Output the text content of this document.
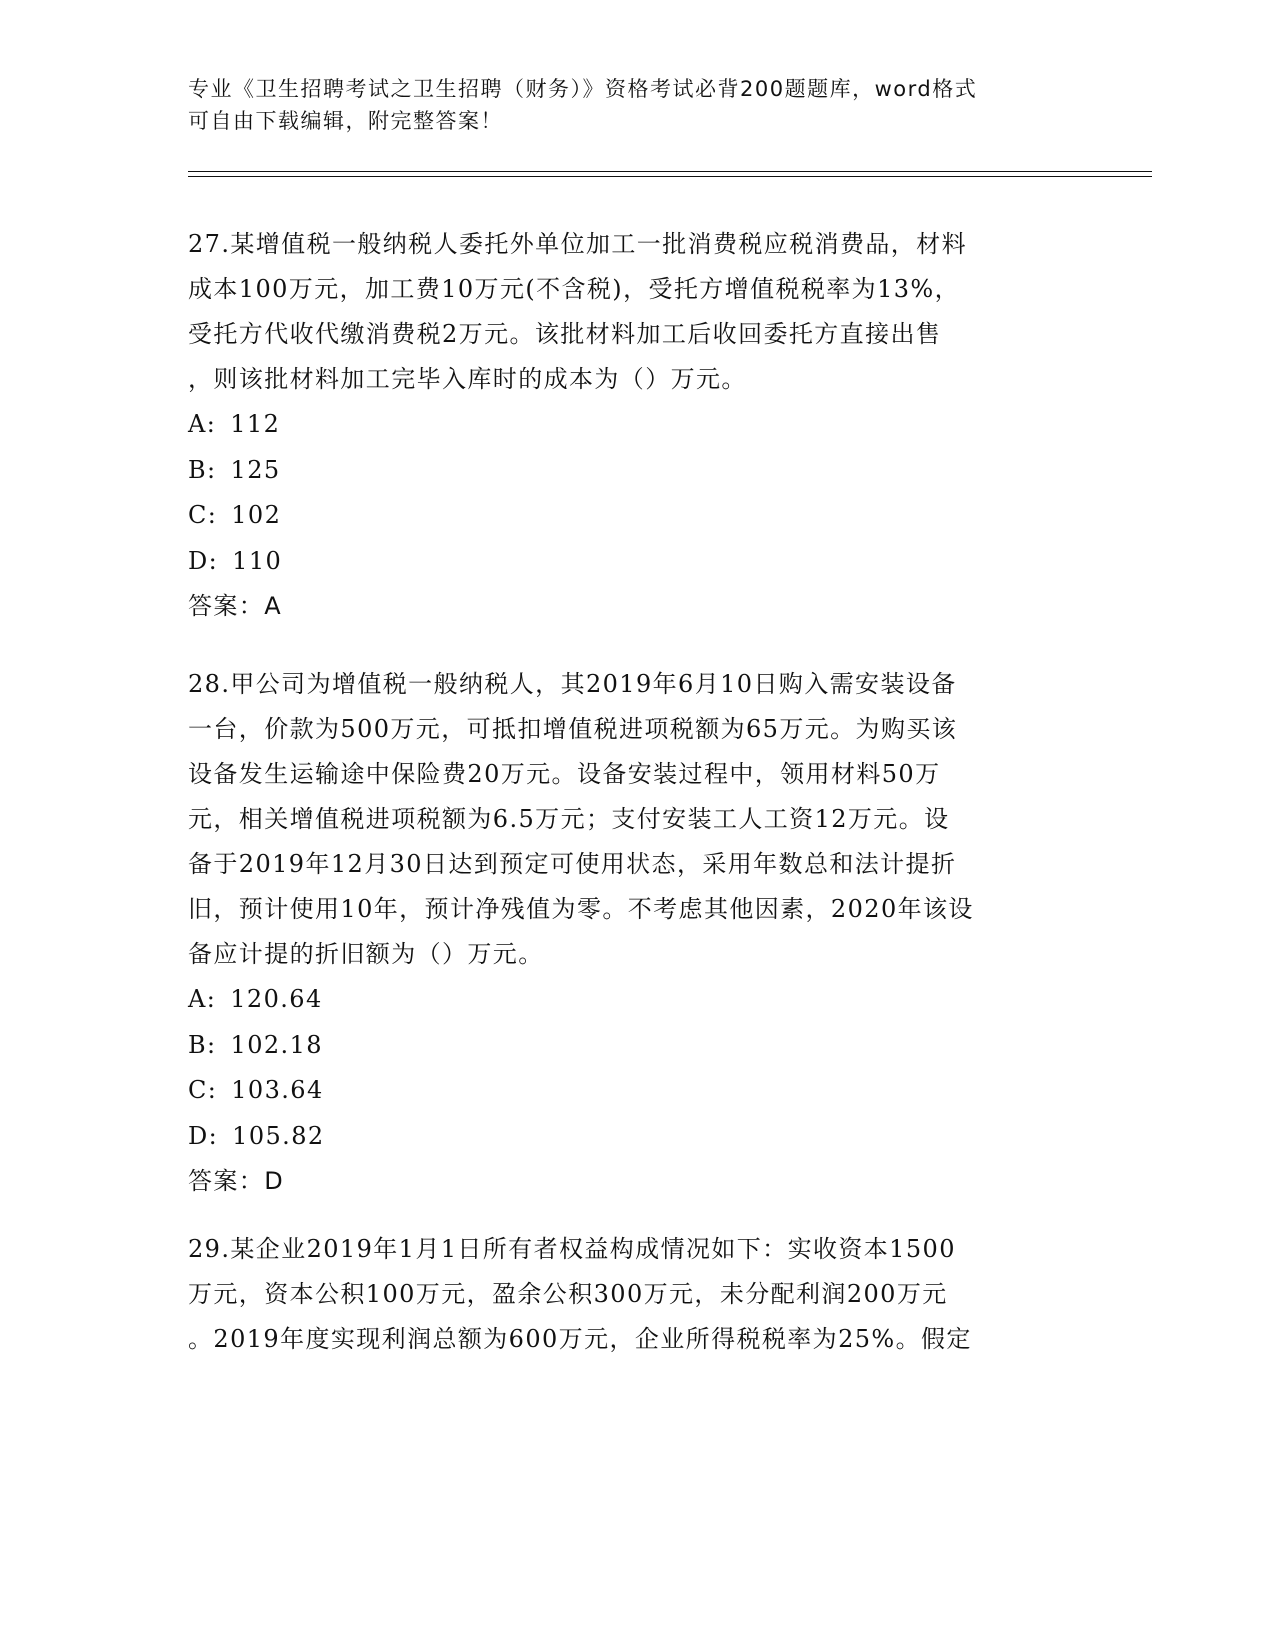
专业《卫生招聘考试之卫生招聘（财务）》资格考试必背200题题库，word格式
可自由下载编辑，附完整答案！
27.某增值税一般纳税人委托外单位加工一批消费税应税消费品，材料
成本100万元，加工费10万元(不含税)，受托方增值税税率为13%，
受托方代收代缴消费税2万元。该批材料加工后收回委托方直接出售
，则该批材料加工完毕入库时的成本为（）万元。
A: 112
B: 125
C: 102
D: 110
答案：A
28.甲公司为增值税一般纳税人，其2019年6月10日购入需安装设备
一台，价款为500万元，可抵扣增值税进项税额为65万元。为购买该
设备发生运输途中保险费20万元。设备安装过程中，领用材料50万
元，相关增值税进项税额为6.5万元；支付安装工人工资12万元。设
备于2019年12月30日达到预定可使用状态，采用年数总和法计提折
旧，预计使用10年，预计净残值为零。不考虑其他因素，2020年该设
备应计提的折旧额为（）万元。
A: 120.64
B: 102.18
C: 103.64
D: 105.82
答案：D
29.某企业2019年1月1日所有者权益构成情况如下：实收资本1500
万元，资本公积100万元，盈余公积300万元，未分配利润200万元
。2019年度实现利润总额为600万元，企业所得税税率为25%。假定
